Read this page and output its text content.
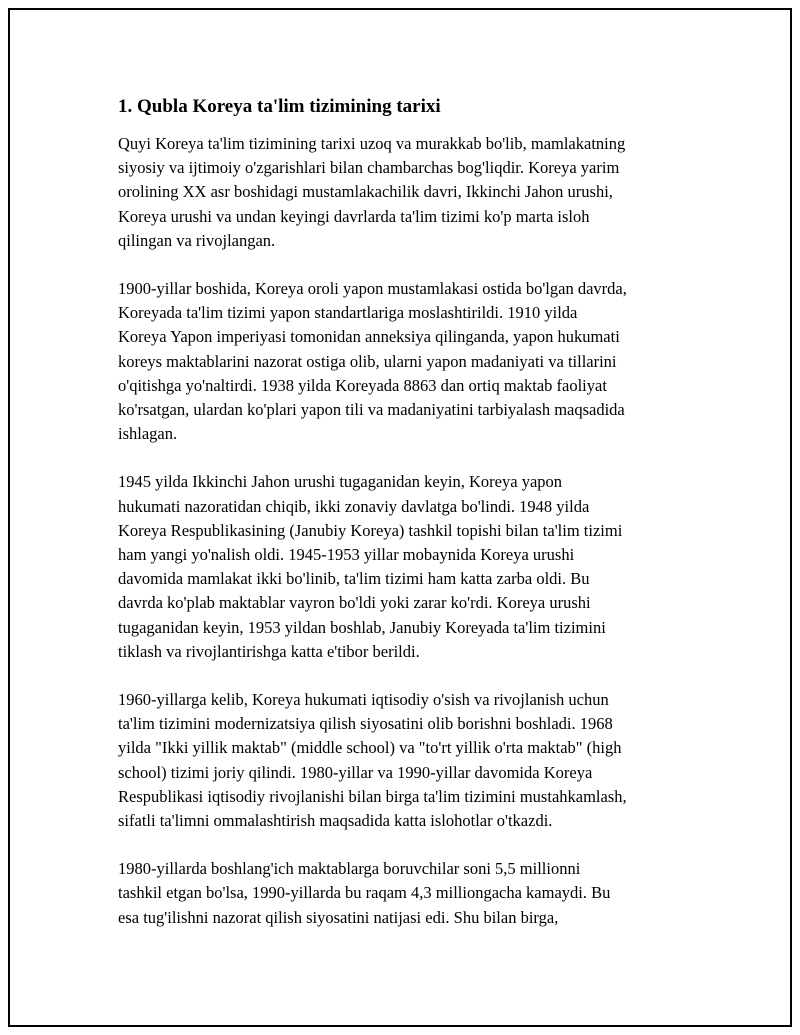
1. Qubla Koreya ta'lim tizimining tarixi

Quyi Koreya ta'lim tizimining tarixi uzoq va murakkab bo'lib, mamlakatning
siyosiy va ijtimoiy o'zgarishlari bilan chambarchas bog'liqdir. Koreya yarim
orolining XX asr boshidagi mustamlakachilik davri, Ikkinchi Jahon urushi,
Koreya urushi va undan keyingi davrlarda ta'lim tizimi ko'p marta isloh
qilingan va rivojlangan.

1900-yillar boshida, Koreya oroli yapon mustamlakasi ostida bo'lgan davrda,
Koreyada ta'lim tizimi yapon standartlariga moslashtirildi. 1910 yilda
Koreya Yapon imperiyasi tomonidan anneksiya qilinganda, yapon hukumati
koreys maktablarini nazorat ostiga olib, ularni yapon madaniyati va tillarini
o'qitishga yo'naltirdi. 1938 yilda Koreyada 8863 dan ortiq maktab faoliyat
ko'rsatgan, ulardan ko'plari yapon tili va madaniyatini tarbiyalash maqsadida
ishlagan.

1945 yilda Ikkinchi Jahon urushi tugaganidan keyin, Koreya yapon
hukumati nazoratidan chiqib, ikki zonaviy davlatga bo'lindi. 1948 yilda
Koreya Respublikasining (Janubiy Koreya) tashkil topishi bilan ta'lim tizimi
ham yangi yo'nalish oldi. 1945-1953 yillar mobaynida Koreya urushi
davomida mamlakat ikki bo'linib, ta'lim tizimi ham katta zarba oldi. Bu
davrda ko'plab maktablar vayron bo'ldi yoki zarar ko'rdi. Koreya urushi
tugaganidan keyin, 1953 yildan boshlab, Janubiy Koreyada ta'lim tizimini
tiklash va rivojlantirishga katta e'tibor berildi.

1960-yillarga kelib, Koreya hukumati iqtisodiy o'sish va rivojlanish uchun
ta'lim tizimini modernizatsiya qilish siyosatini olib borishni boshladi. 1968
yilda "Ikki yillik maktab" (middle school) va "to'rt yillik o'rta maktab" (high
school) tizimi joriy qilindi. 1980-yillar va 1990-yillar davomida Koreya
Respublikasi iqtisodiy rivojlanishi bilan birga ta'lim tizimini mustahkamlash,
sifatli ta'limni ommalashtirish maqsadida katta islohotlar o'tkazdi.

1980-yillarda boshlang'ich maktablarga boruvchilar soni 5,5 millionni
tashkil etgan bo'lsa, 1990-yillarda bu raqam 4,3 milliongacha kamaydi. Bu
esa tug'ilishni nazorat qilish siyosatini natijasi edi. Shu bilan birga,
